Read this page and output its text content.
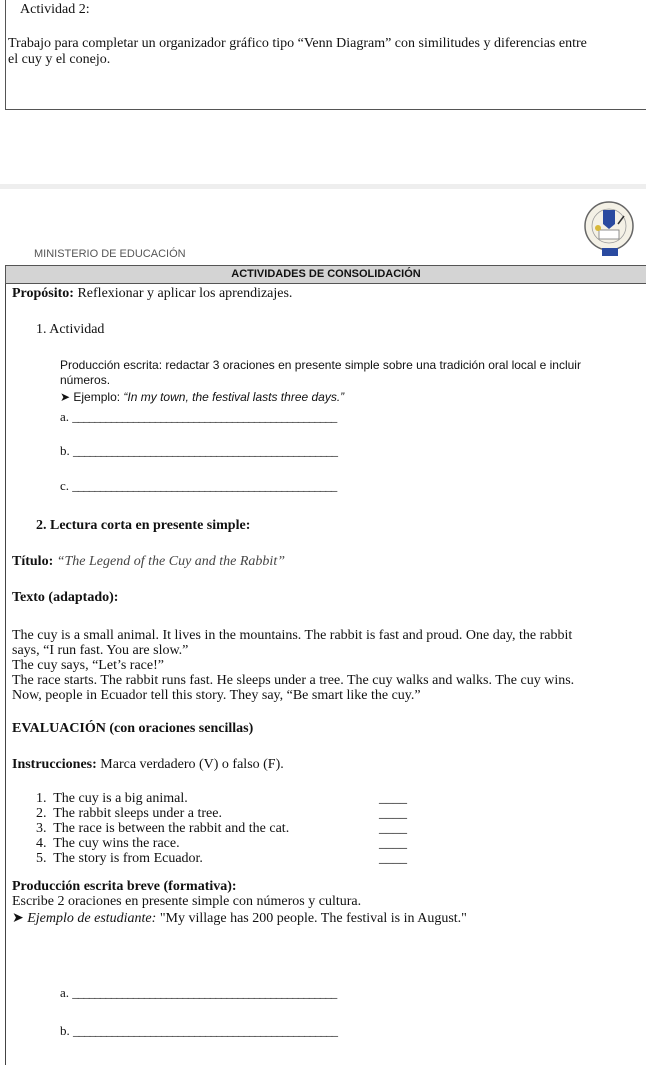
Actividad 2:
Trabajo para completar un organizador gráfico tipo “Venn Diagram” con similitudes y diferencias entre
el cuy y el conejo.
MINISTERIO DE EDUCACIÓN
ACTIVIDADES DE CONSOLIDACIÓN
Propósito: Reflexionar y aplicar los aprendizajes.
1. Actividad
Producción escrita: redactar 3 oraciones en presente simple sobre una tradición oral local e incluir
números.
➤ Ejemplo: “In my town, the festival lasts three days.”
a. ________________________________________________
b. ________________________________________________
c. ________________________________________________
2. Lectura corta en presente simple:
Título: “The Legend of the Cuy and the Rabbit”
Texto (adaptado):
The cuy is a small animal. It lives in the mountains. The rabbit is fast and proud. One day, the rabbit
says, “I run fast. You are slow.”
The cuy says, “Let’s race!”
The race starts. The rabbit runs fast. He sleeps under a tree. The cuy walks and walks. The cuy wins.
Now, people in Ecuador tell this story. They say, “Be smart like the cuy.”
EVALUACIÓN (con oraciones sencillas)
Instrucciones: Marca verdadero (V) o falso (F).
1. The cuy is a big animal.	____
2. The rabbit sleeps under a tree.	____
3. The race is between the rabbit and the cat.	____
4. The cuy wins the race.	____
5. The story is from Ecuador.	____
Producción escrita breve (formativa):
Escribe 2 oraciones en presente simple con números y cultura.
➤ Ejemplo de estudiante: "My village has 200 people. The festival is in August."
a. ________________________________________________
b. ________________________________________________
